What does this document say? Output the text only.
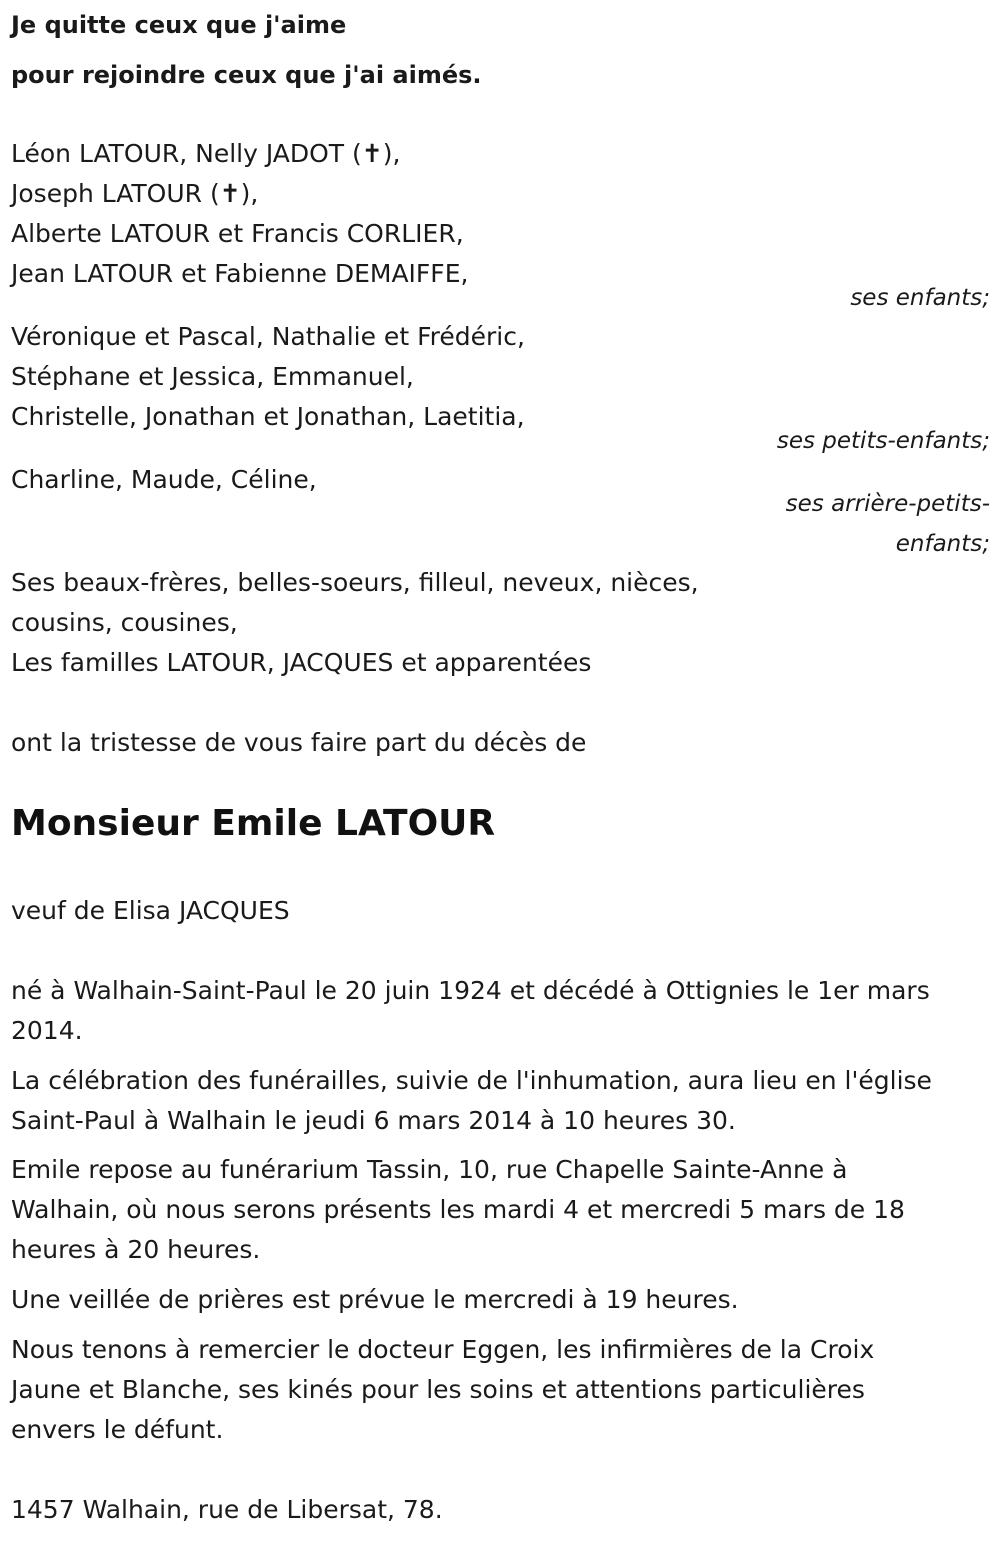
Je quitte ceux que j'aime
pour rejoindre ceux que j'ai aimés.
Léon LATOUR, Nelly JADOT (✝),
Joseph LATOUR (✝),
Alberte LATOUR et Francis CORLIER,
Jean LATOUR et Fabienne DEMAIFFE,
ses enfants;
Véronique et Pascal, Nathalie et Frédéric,
Stéphane et Jessica, Emmanuel,
Christelle, Jonathan et Jonathan, Laetitia,
ses petits-enfants;
Charline, Maude, Céline,
ses arrière-petits-
enfants;
Ses beaux-frères, belles-soeurs, filleul, neveux, nièces,
cousins, cousines,
Les familles LATOUR, JACQUES et apparentées
ont la tristesse de vous faire part du décès de
Monsieur Emile LATOUR
veuf de Elisa JACQUES
né à Walhain-Saint-Paul le 20 juin 1924 et décédé à Ottignies le 1er mars
2014.
La célébration des funérailles, suivie de l'inhumation, aura lieu en l'église
Saint-Paul à Walhain le jeudi 6 mars 2014 à 10 heures 30.
Emile repose au funérarium Tassin, 10, rue Chapelle Sainte-Anne à
Walhain, où nous serons présents les mardi 4 et mercredi 5 mars de 18
heures à 20 heures.
Une veillée de prières est prévue le mercredi à 19 heures.
Nous tenons à remercier le docteur Eggen, les infirmières de la Croix
Jaune et Blanche, ses kinés pour les soins et attentions particulières
envers le défunt.
1457 Walhain, rue de Libersat, 78.
